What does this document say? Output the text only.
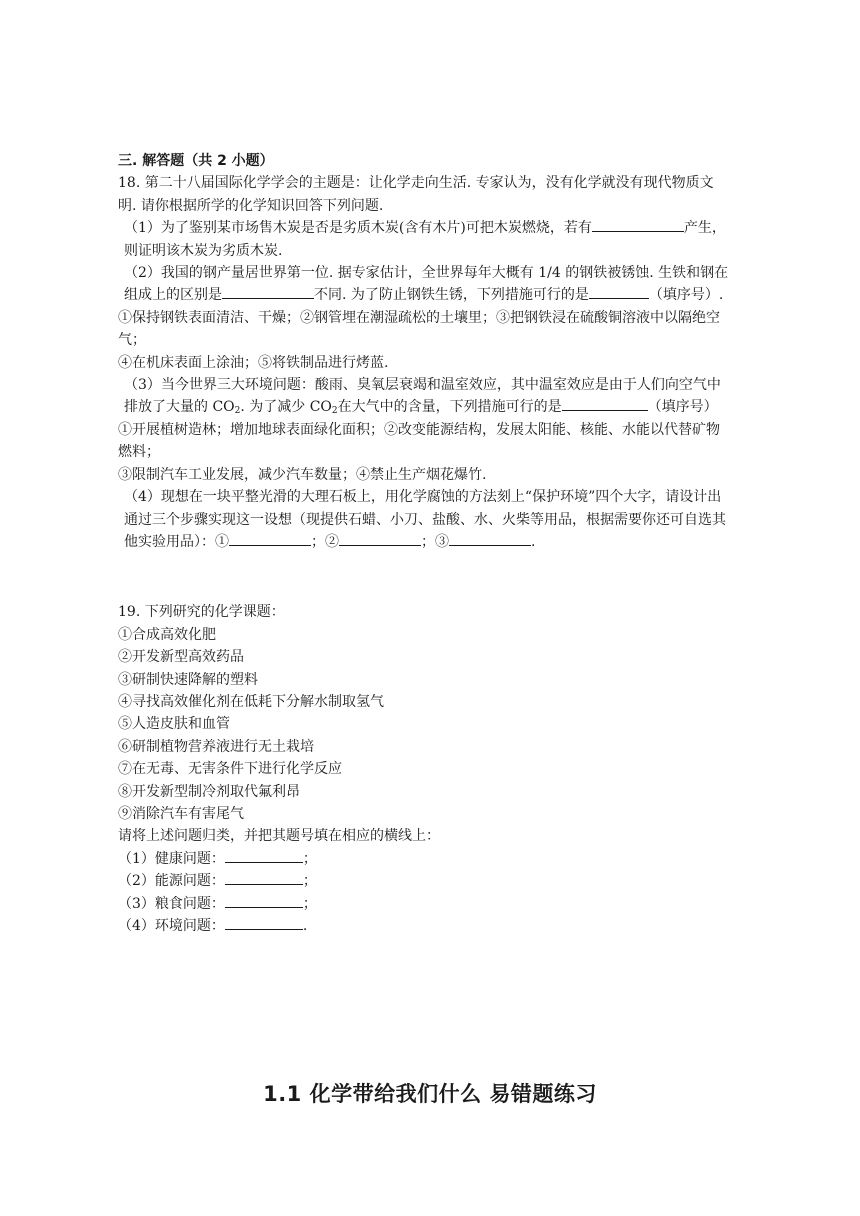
三. 解答题（共 2 小题）
18. 第二十八届国际化学学会的主题是：让化学走向生活. 专家认为，没有化学就没有现代物质文明. 请你根据所学的化学知识回答下列问题.
（1）为了鉴别某市场售木炭是否是劣质木炭(含有木片)可把木炭燃烧，若有	产生，则证明该木炭为劣质木炭.
（2）我国的钢产量居世界第一位. 据专家估计，全世界每年大概有 1/4 的钢铁被锈蚀. 生铁和钢在组成上的区别是	不同. 为了防止钢铁生锈，下列措施可行的是	（填序号）.
①保持钢铁表面清洁、干燥；②钢管埋在潮湿疏松的土壤里；③把钢铁浸在硫酸铜溶液中以隔绝空气；
④在机床表面上涂油；⑤将铁制品进行烤蓝.
（3）当今世界三大环境问题：酸雨、臭氧层衰竭和温室效应，其中温室效应是由于人们向空气中排放了大量的 $CO_2$. 为了减少 $CO_2$在大气中的含量，下列措施可行的是	（填序号）
①开展植树造林；增加地球表面绿化面积；②改变能源结构，发展太阳能、核能、水能以代替矿物燃料；
③限制汽车工业发展，减少汽车数量；④禁止生产烟花爆竹.
（4）现想在一块平整光滑的大理石板上，用化学腐蚀的方法刻上“保护环境”四个大字，请设计出通过三个步骤实现这一设想（现提供石蜡、小刀、盐酸、水、火柴等用品，根据需要你还可自选其他实验用品）：①	；②	；③	.
19. 下列研究的化学课题：
①合成高效化肥
②开发新型高效药品
③研制快速降解的塑料
④寻找高效催化剂在低耗下分解水制取氢气
⑤人造皮肤和血管
⑥研制植物营养液进行无土栽培
⑦在无毒、无害条件下进行化学反应
⑧开发新型制冷剂取代氟利昂
⑨消除汽车有害尾气
请将上述问题归类，并把其题号填在相应的横线上：
（1）健康问题：	；
（2）能源问题：	；
（3）粮食问题：	；
（4）环境问题：	.
1.1 化学带给我们什么 易错题练习
